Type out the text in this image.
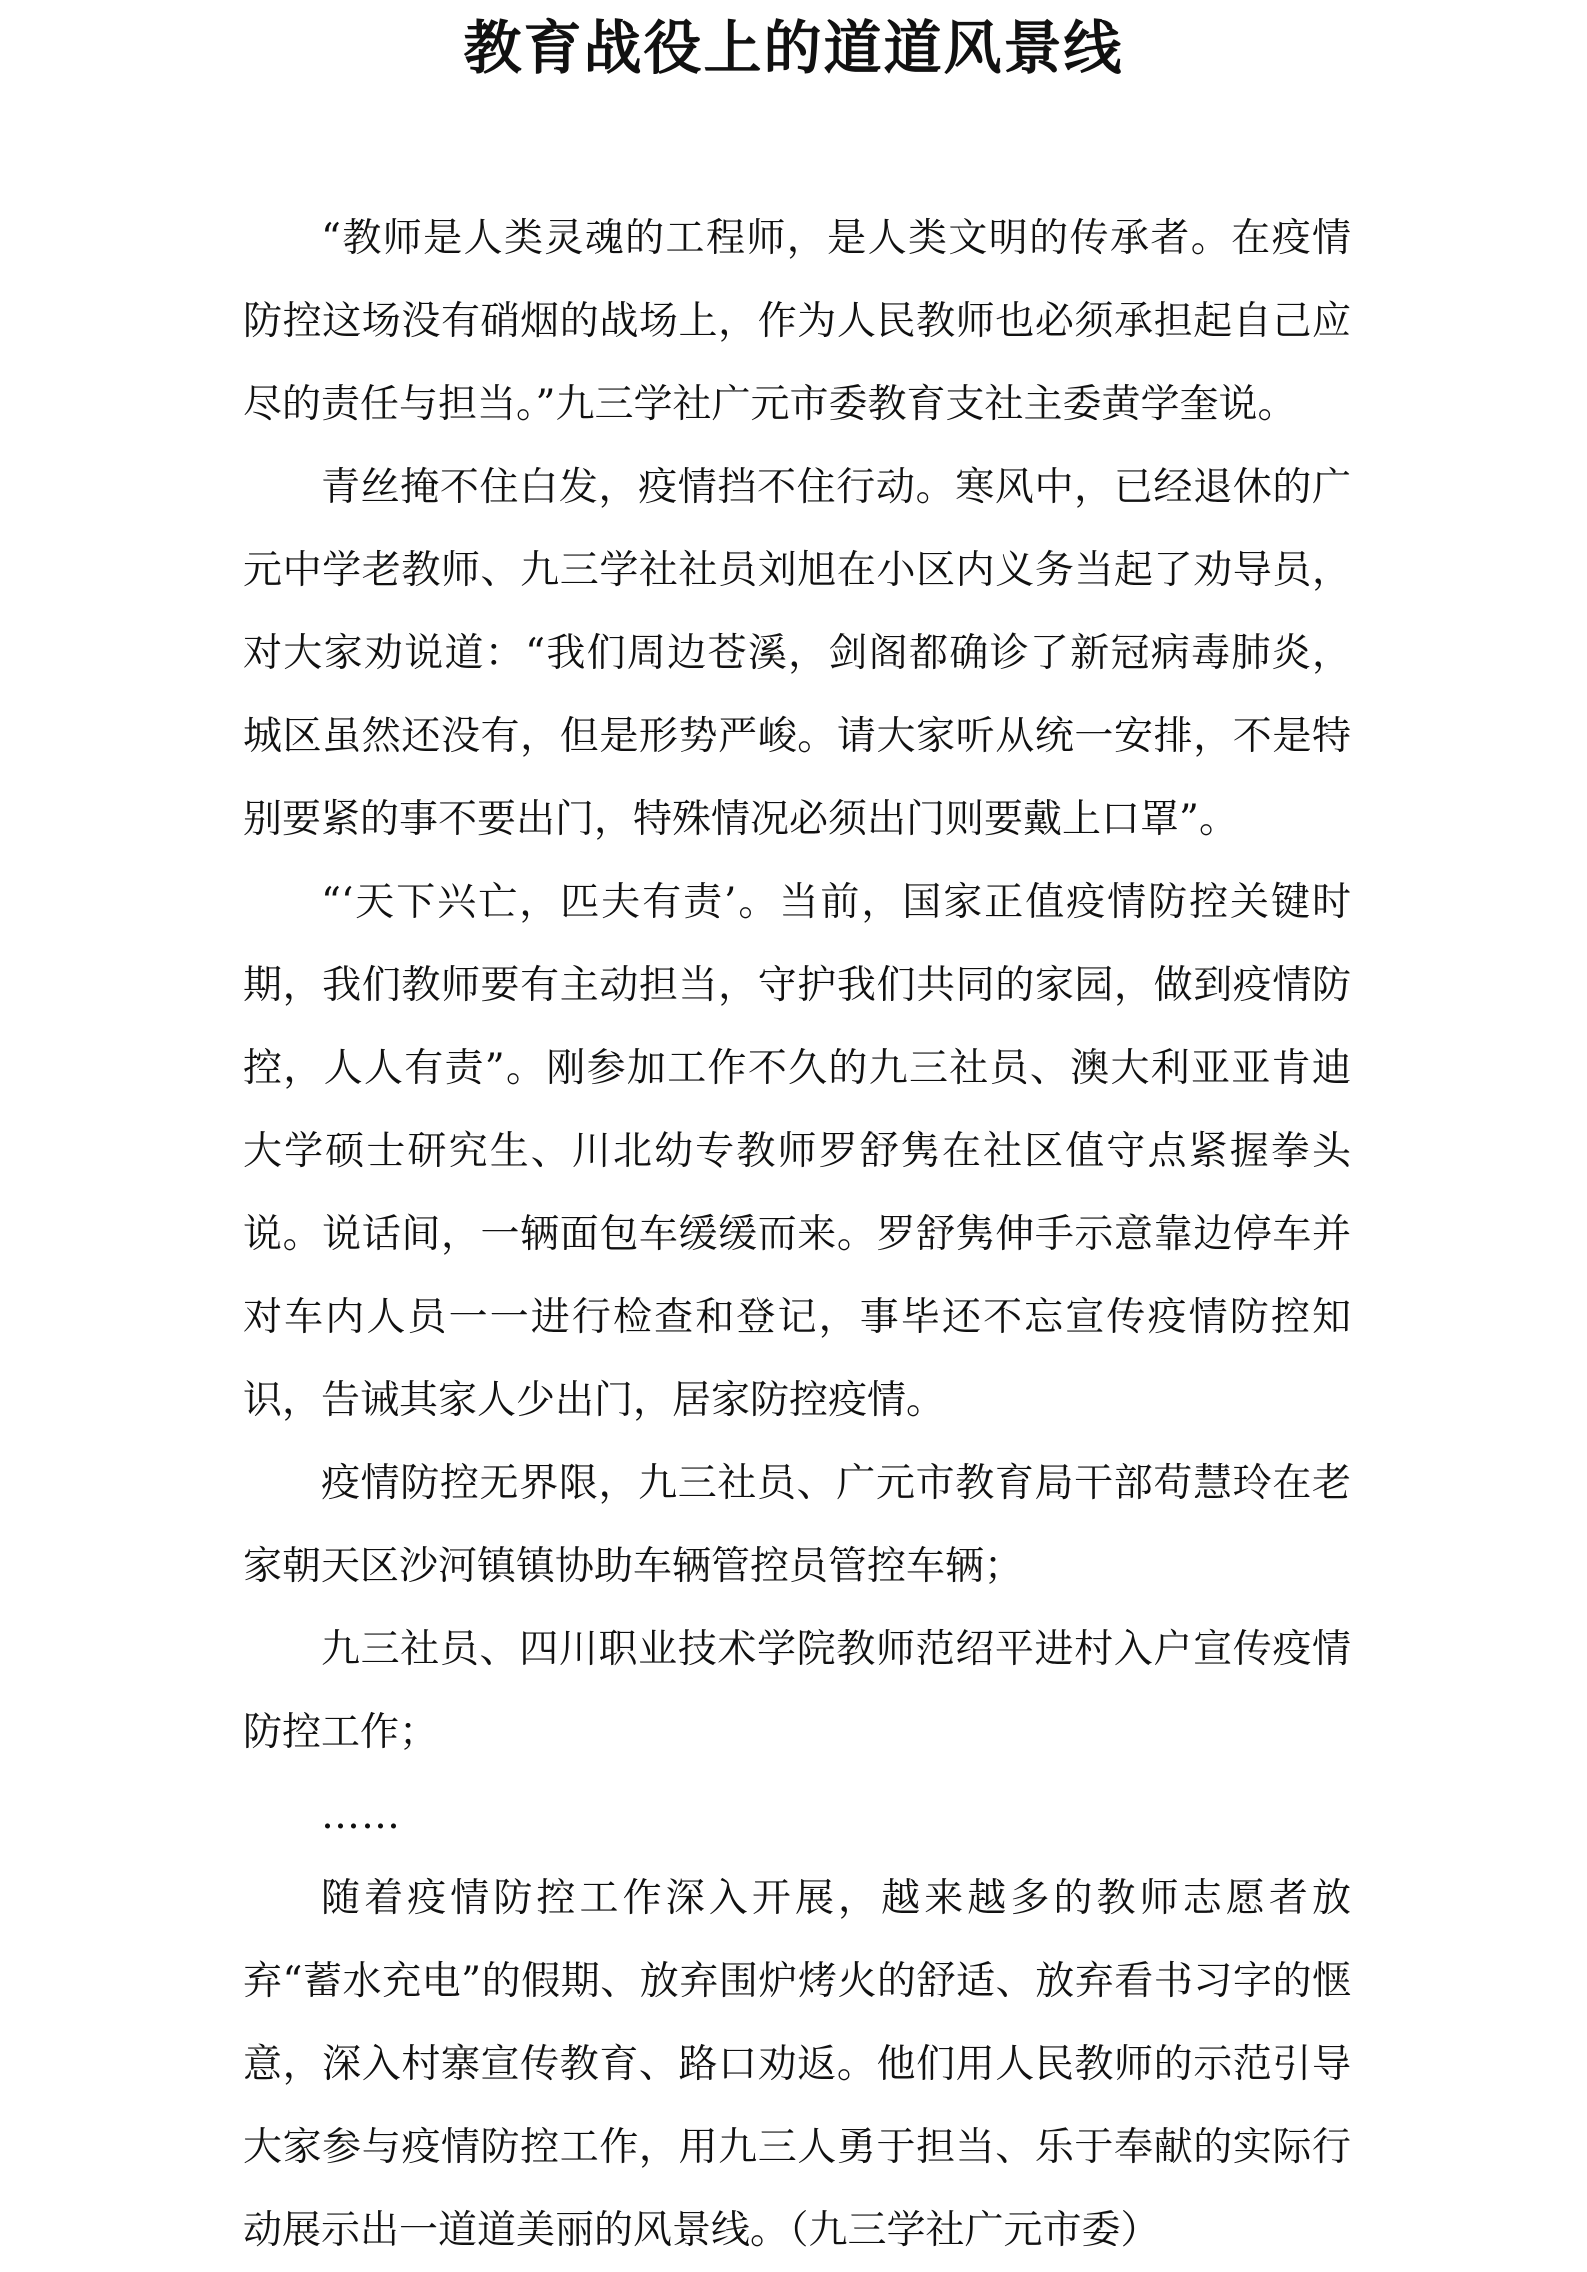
教育战役上的道道风景线

“教师是人类灵魂的工程师，是人类文明的传承者。在疫情防控这场没有硝烟的战场上，作为人民教师也必须承担起自己应尽的责任与担当。”九三学社广元市委教育支社主委黄学奎说。

青丝掩不住白发，疫情挡不住行动。寒风中，已经退休的广元中学老教师、九三学社社员刘旭在小区内义务当起了劝导员，对大家劝说道：“我们周边苍溪，剑阁都确诊了新冠病毒肺炎，城区虽然还没有，但是形势严峻。请大家听从统一安排，不是特别要紧的事不要出门，特殊情况必须出门则要戴上口罩”。

“‘天下兴亡，匹夫有责’。当前，国家正值疫情防控关键时期，我们教师要有主动担当，守护我们共同的家园，做到疫情防控，人人有责”。刚参加工作不久的九三社员、澳大利亚亚肯迪大学硕士研究生、川北幼专教师罗舒隽在社区值守点紧握拳头说。说话间，一辆面包车缓缓而来。罗舒隽伸手示意靠边停车并对车内人员一一进行检查和登记，事毕还不忘宣传疫情防控知识，告诫其家人少出门，居家防控疫情。

疫情防控无界限，九三社员、广元市教育局干部苟慧玲在老家朝天区沙河镇镇协助车辆管控员管控车辆；

九三社员、四川职业技术学院教师范绍平进村入户宣传疫情防控工作；

……

随着疫情防控工作深入开展，越来越多的教师志愿者放弃“蓄水充电”的假期、放弃围炉烤火的舒适、放弃看书习字的惬意，深入村寨宣传教育、路口劝返。他们用人民教师的示范引导大家参与疫情防控工作，用九三人勇于担当、乐于奉献的实际行动展示出一道道美丽的风景线。（九三学社广元市委）
